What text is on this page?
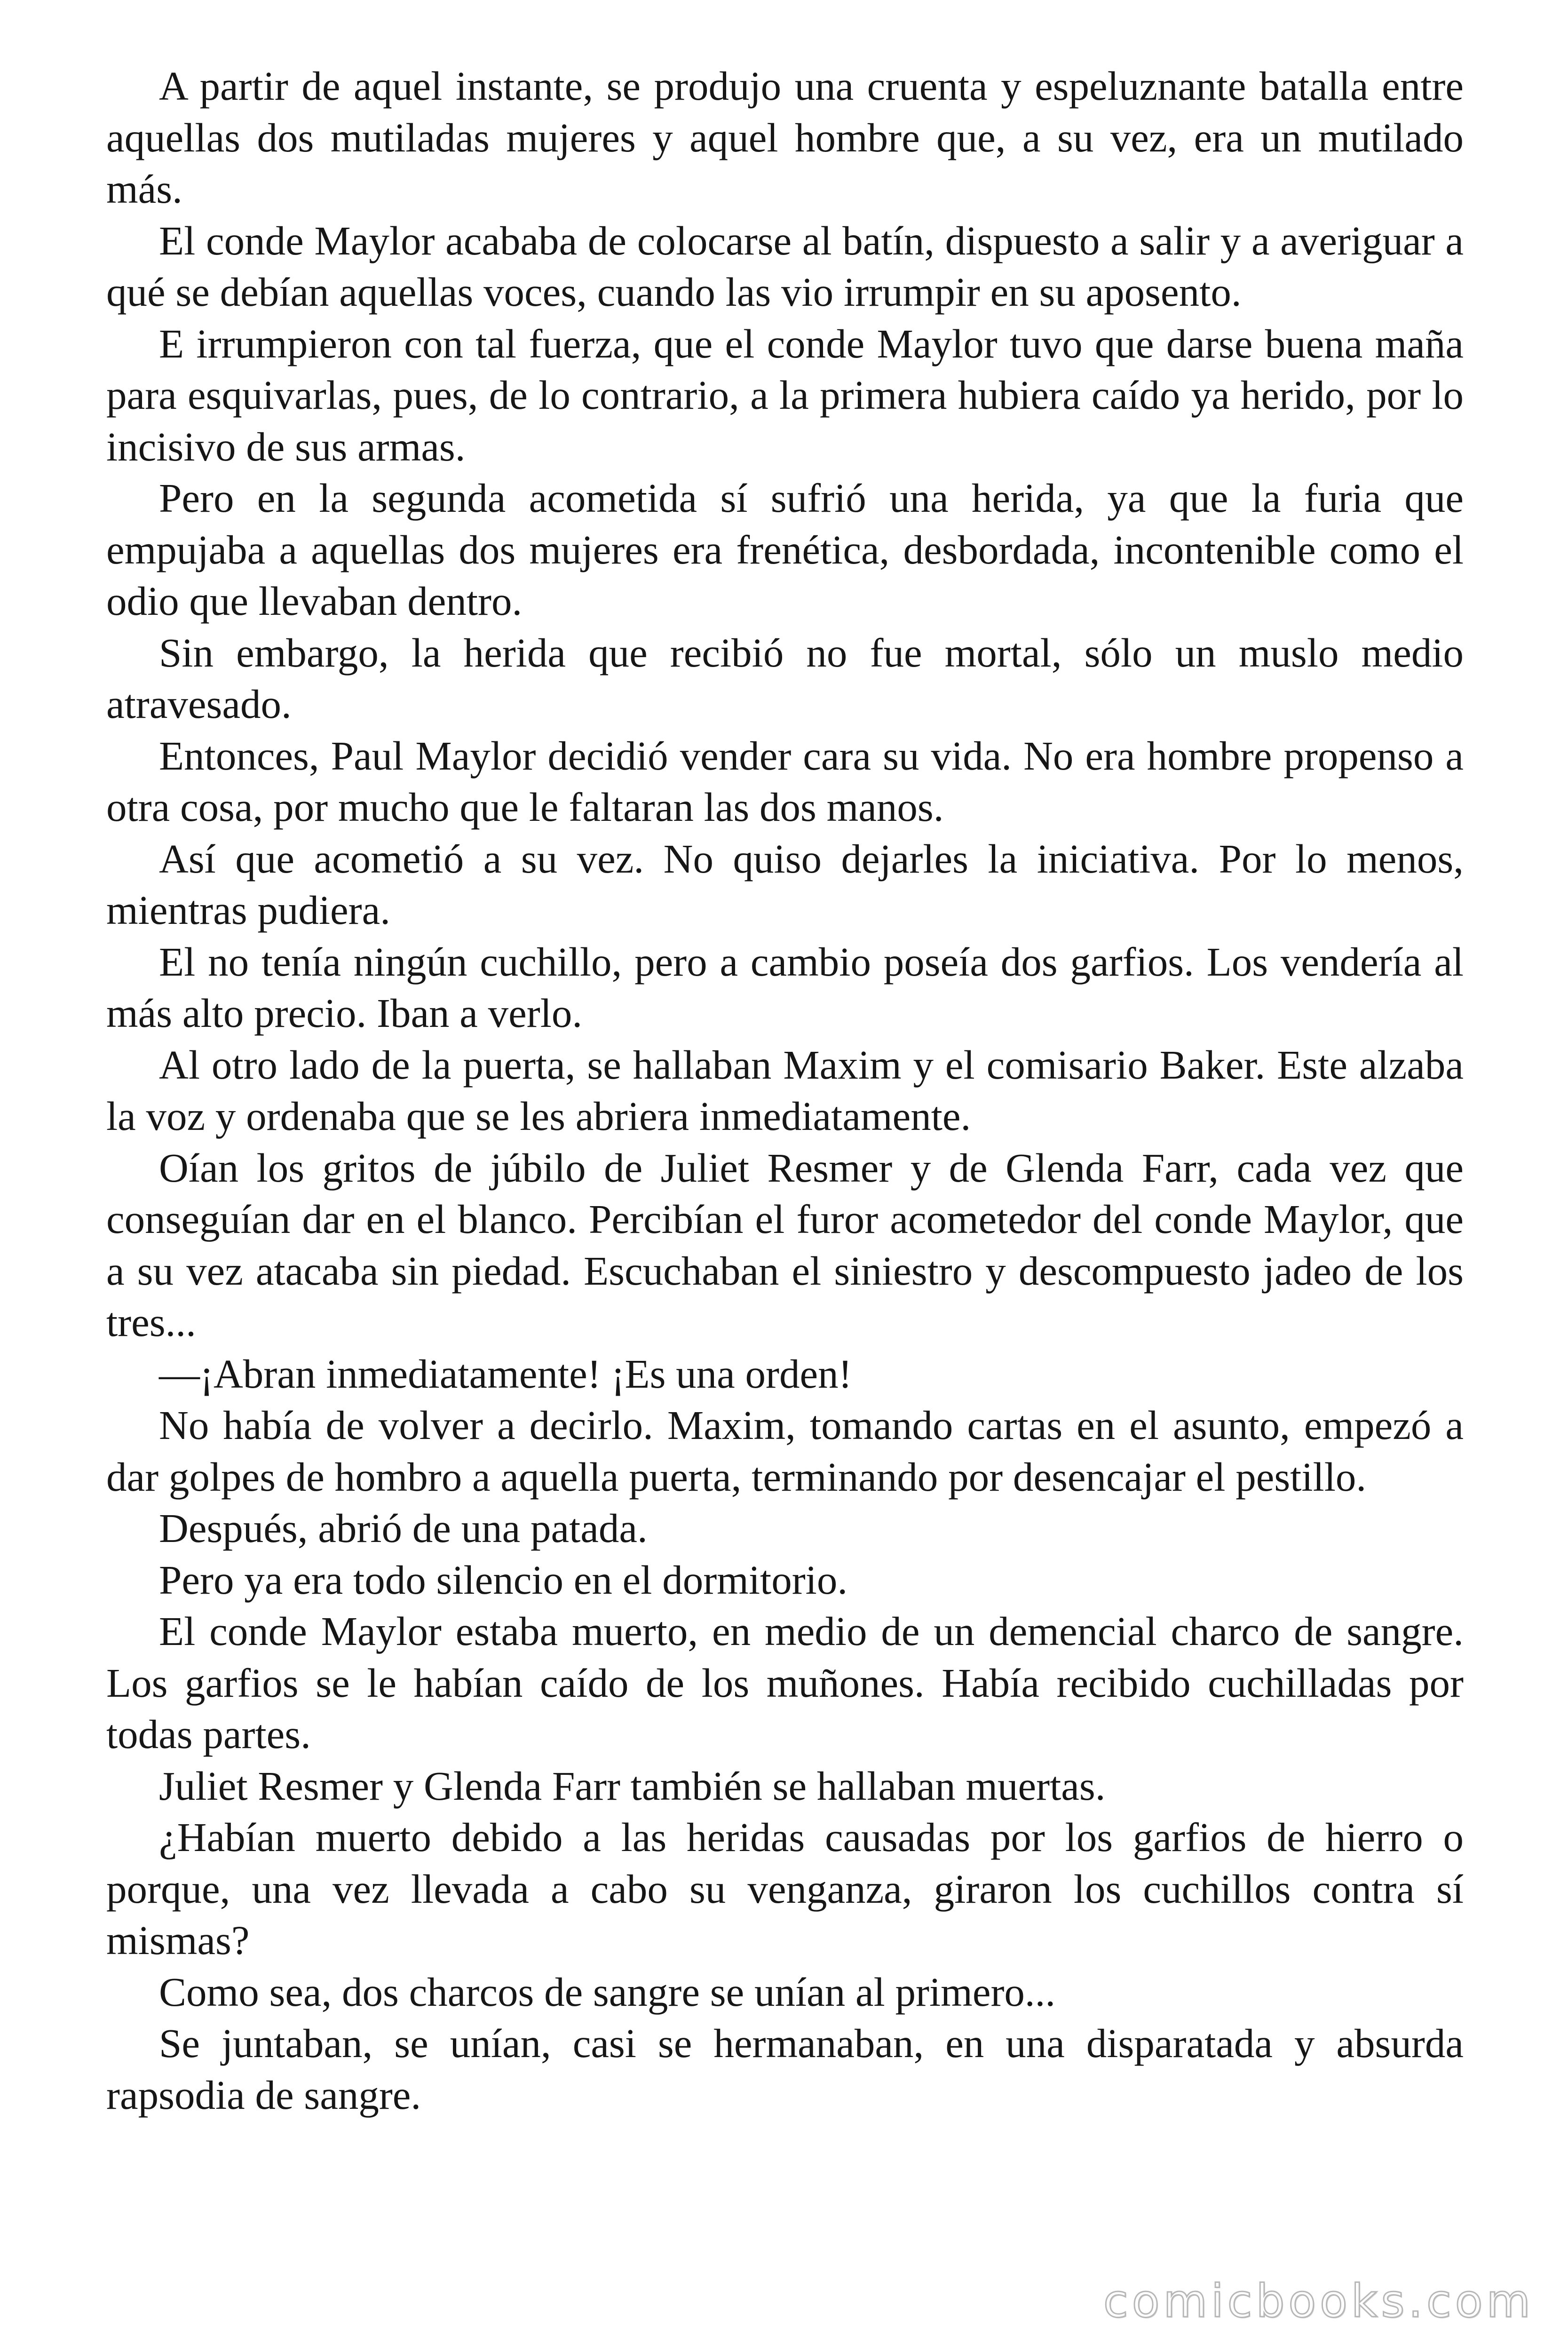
A partir de aquel instante, se produjo una cruenta y espeluznante batalla entre aquellas dos mutiladas mujeres y aquel hombre que, a su vez, era un mutilado más.

El conde Maylor acababa de colocarse al batín, dispuesto a salir y a averiguar a qué se debían aquellas voces, cuando las vio irrumpir en su aposento.

E irrumpieron con tal fuerza, que el conde Maylor tuvo que darse buena maña para esquivarlas, pues, de lo contrario, a la primera hubiera caído ya herido, por lo incisivo de sus armas.

Pero en la segunda acometida sí sufrió una herida, ya que la furia que empujaba a aquellas dos mujeres era frenética, desbordada, incontenible como el odio que llevaban dentro.

Sin embargo, la herida que recibió no fue mortal, sólo un muslo medio atravesado.

Entonces, Paul Maylor decidió vender cara su vida. No era hombre propenso a otra cosa, por mucho que le faltaran las dos manos.

Así que acometió a su vez. No quiso dejarles la iniciativa. Por lo menos, mientras pudiera.

El no tenía ningún cuchillo, pero a cambio poseía dos garfios. Los vendería al más alto precio. Iban a verlo.

Al otro lado de la puerta, se hallaban Maxim y el comisario Baker. Este alzaba la voz y ordenaba que se les abriera inmediatamente.

Oían los gritos de júbilo de Juliet Resmer y de Glenda Farr, cada vez que conseguían dar en el blanco. Percibían el furor acometedor del conde Maylor, que a su vez atacaba sin piedad. Escuchaban el siniestro y descompuesto jadeo de los tres...

—¡Abran inmediatamente! ¡Es una orden!

No había de volver a decirlo. Maxim, tomando cartas en el asunto, empezó a dar golpes de hombro a aquella puerta, terminando por desencajar el pestillo.

Después, abrió de una patada.

Pero ya era todo silencio en el dormitorio.

El conde Maylor estaba muerto, en medio de un demencial charco de sangre. Los garfios se le habían caído de los muñones. Había recibido cuchilladas por todas partes.

Juliet Resmer y Glenda Farr también se hallaban muertas.

¿Habían muerto debido a las heridas causadas por los garfios de hierro o porque, una vez llevada a cabo su venganza, giraron los cuchillos contra sí mismas?

Como sea, dos charcos de sangre se unían al primero...

Se juntaban, se unían, casi se hermanaban, en una disparatada y absurda rapsodia de sangre.

comicbooks.com
